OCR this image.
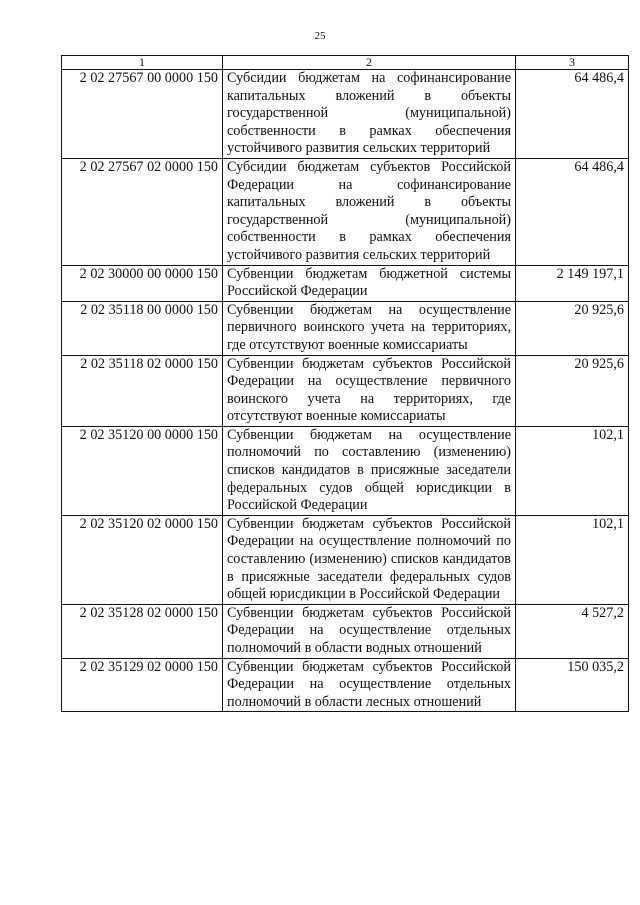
25
1	2	3
2 02 27567 00 0000 150	Субсидии бюджетам на софинансирование капитальных вложений в объекты государственной (муниципальной) собственности в рамках обеспечения устойчивого развития сельских территорий	64 486,4
2 02 27567 02 0000 150	Субсидии бюджетам субъектов Российской Федерации на софинансирование капитальных вложений в объекты государственной (муниципальной) собственности в рамках обеспечения устойчивого развития сельских территорий	64 486,4
2 02 30000 00 0000 150	Субвенции бюджетам бюджетной системы Российской Федерации	2 149 197,1
2 02 35118 00 0000 150	Субвенции бюджетам на осуществление первичного воинского учета на территориях, где отсутствуют военные комиссариаты	20 925,6
2 02 35118 02 0000 150	Субвенции бюджетам субъектов Российской Федерации на осуществление первичного воинского учета на территориях, где отсутствуют военные комиссариаты	20 925,6
2 02 35120 00 0000 150	Субвенции бюджетам на осуществление полномочий по составлению (изменению) списков кандидатов в присяжные заседатели федеральных судов общей юрисдикции в Российской Федерации	102,1
2 02 35120 02 0000 150	Субвенции бюджетам субъектов Российской Федерации на осуществление полномочий по составлению (изменению) списков кандидатов в присяжные заседатели федеральных судов общей юрисдикции в Российской Федерации	102,1
2 02 35128 02 0000 150	Субвенции бюджетам субъектов Российской Федерации на осуществление отдельных полномочий в области водных отношений	4 527,2
2 02 35129 02 0000 150	Субвенции бюджетам субъектов Российской Федерации на осуществление отдельных полномочий в области лесных отношений	150 035,2
